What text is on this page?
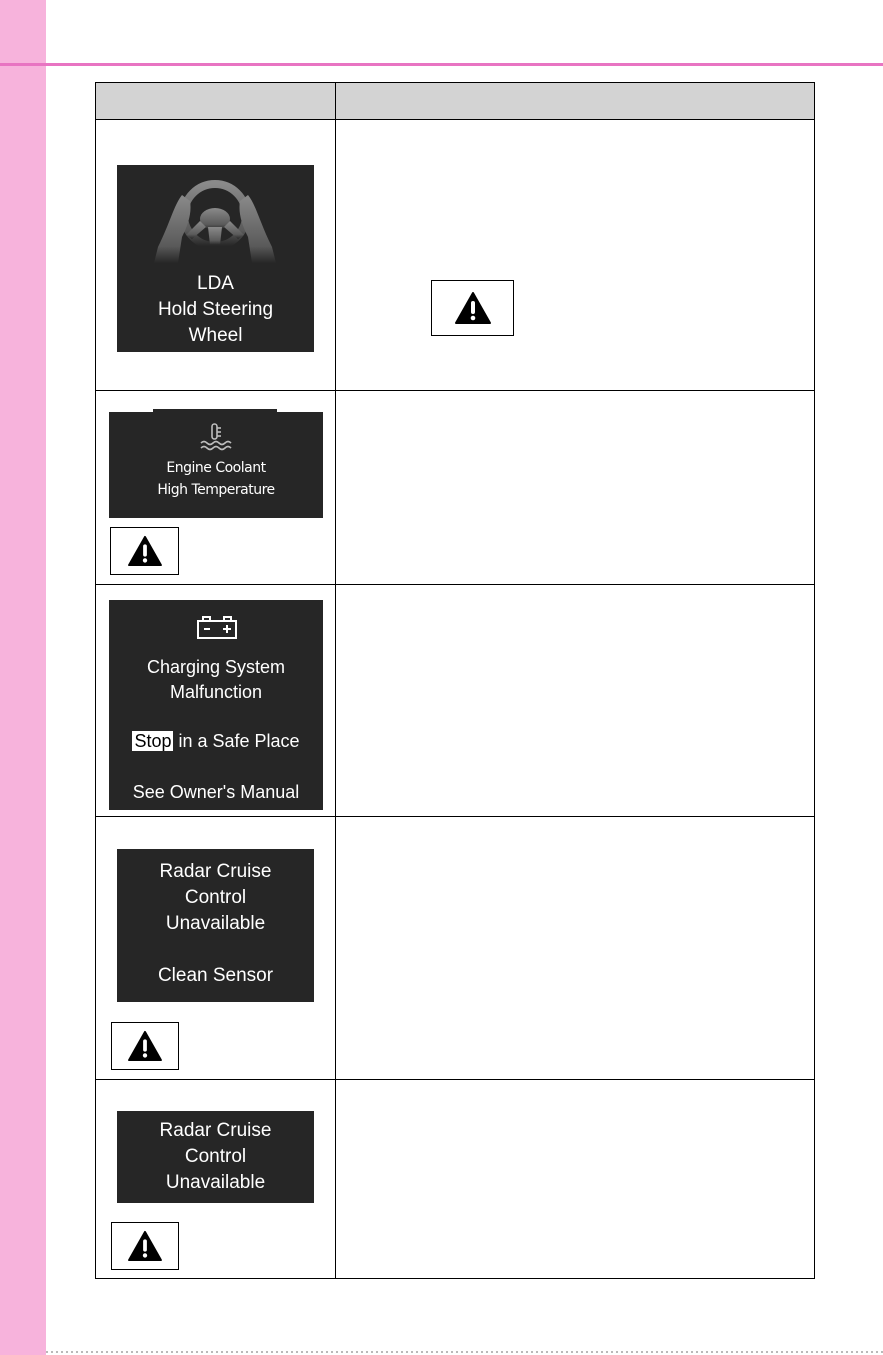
LDA
Hold Steering
Wheel
Engine Coolant
High Temperature
Charging System
Malfunction
Stop in a Safe Place
See Owner's Manual
Radar Cruise
Control
Unavailable
Clean Sensor
Radar Cruise
Control
Unavailable
